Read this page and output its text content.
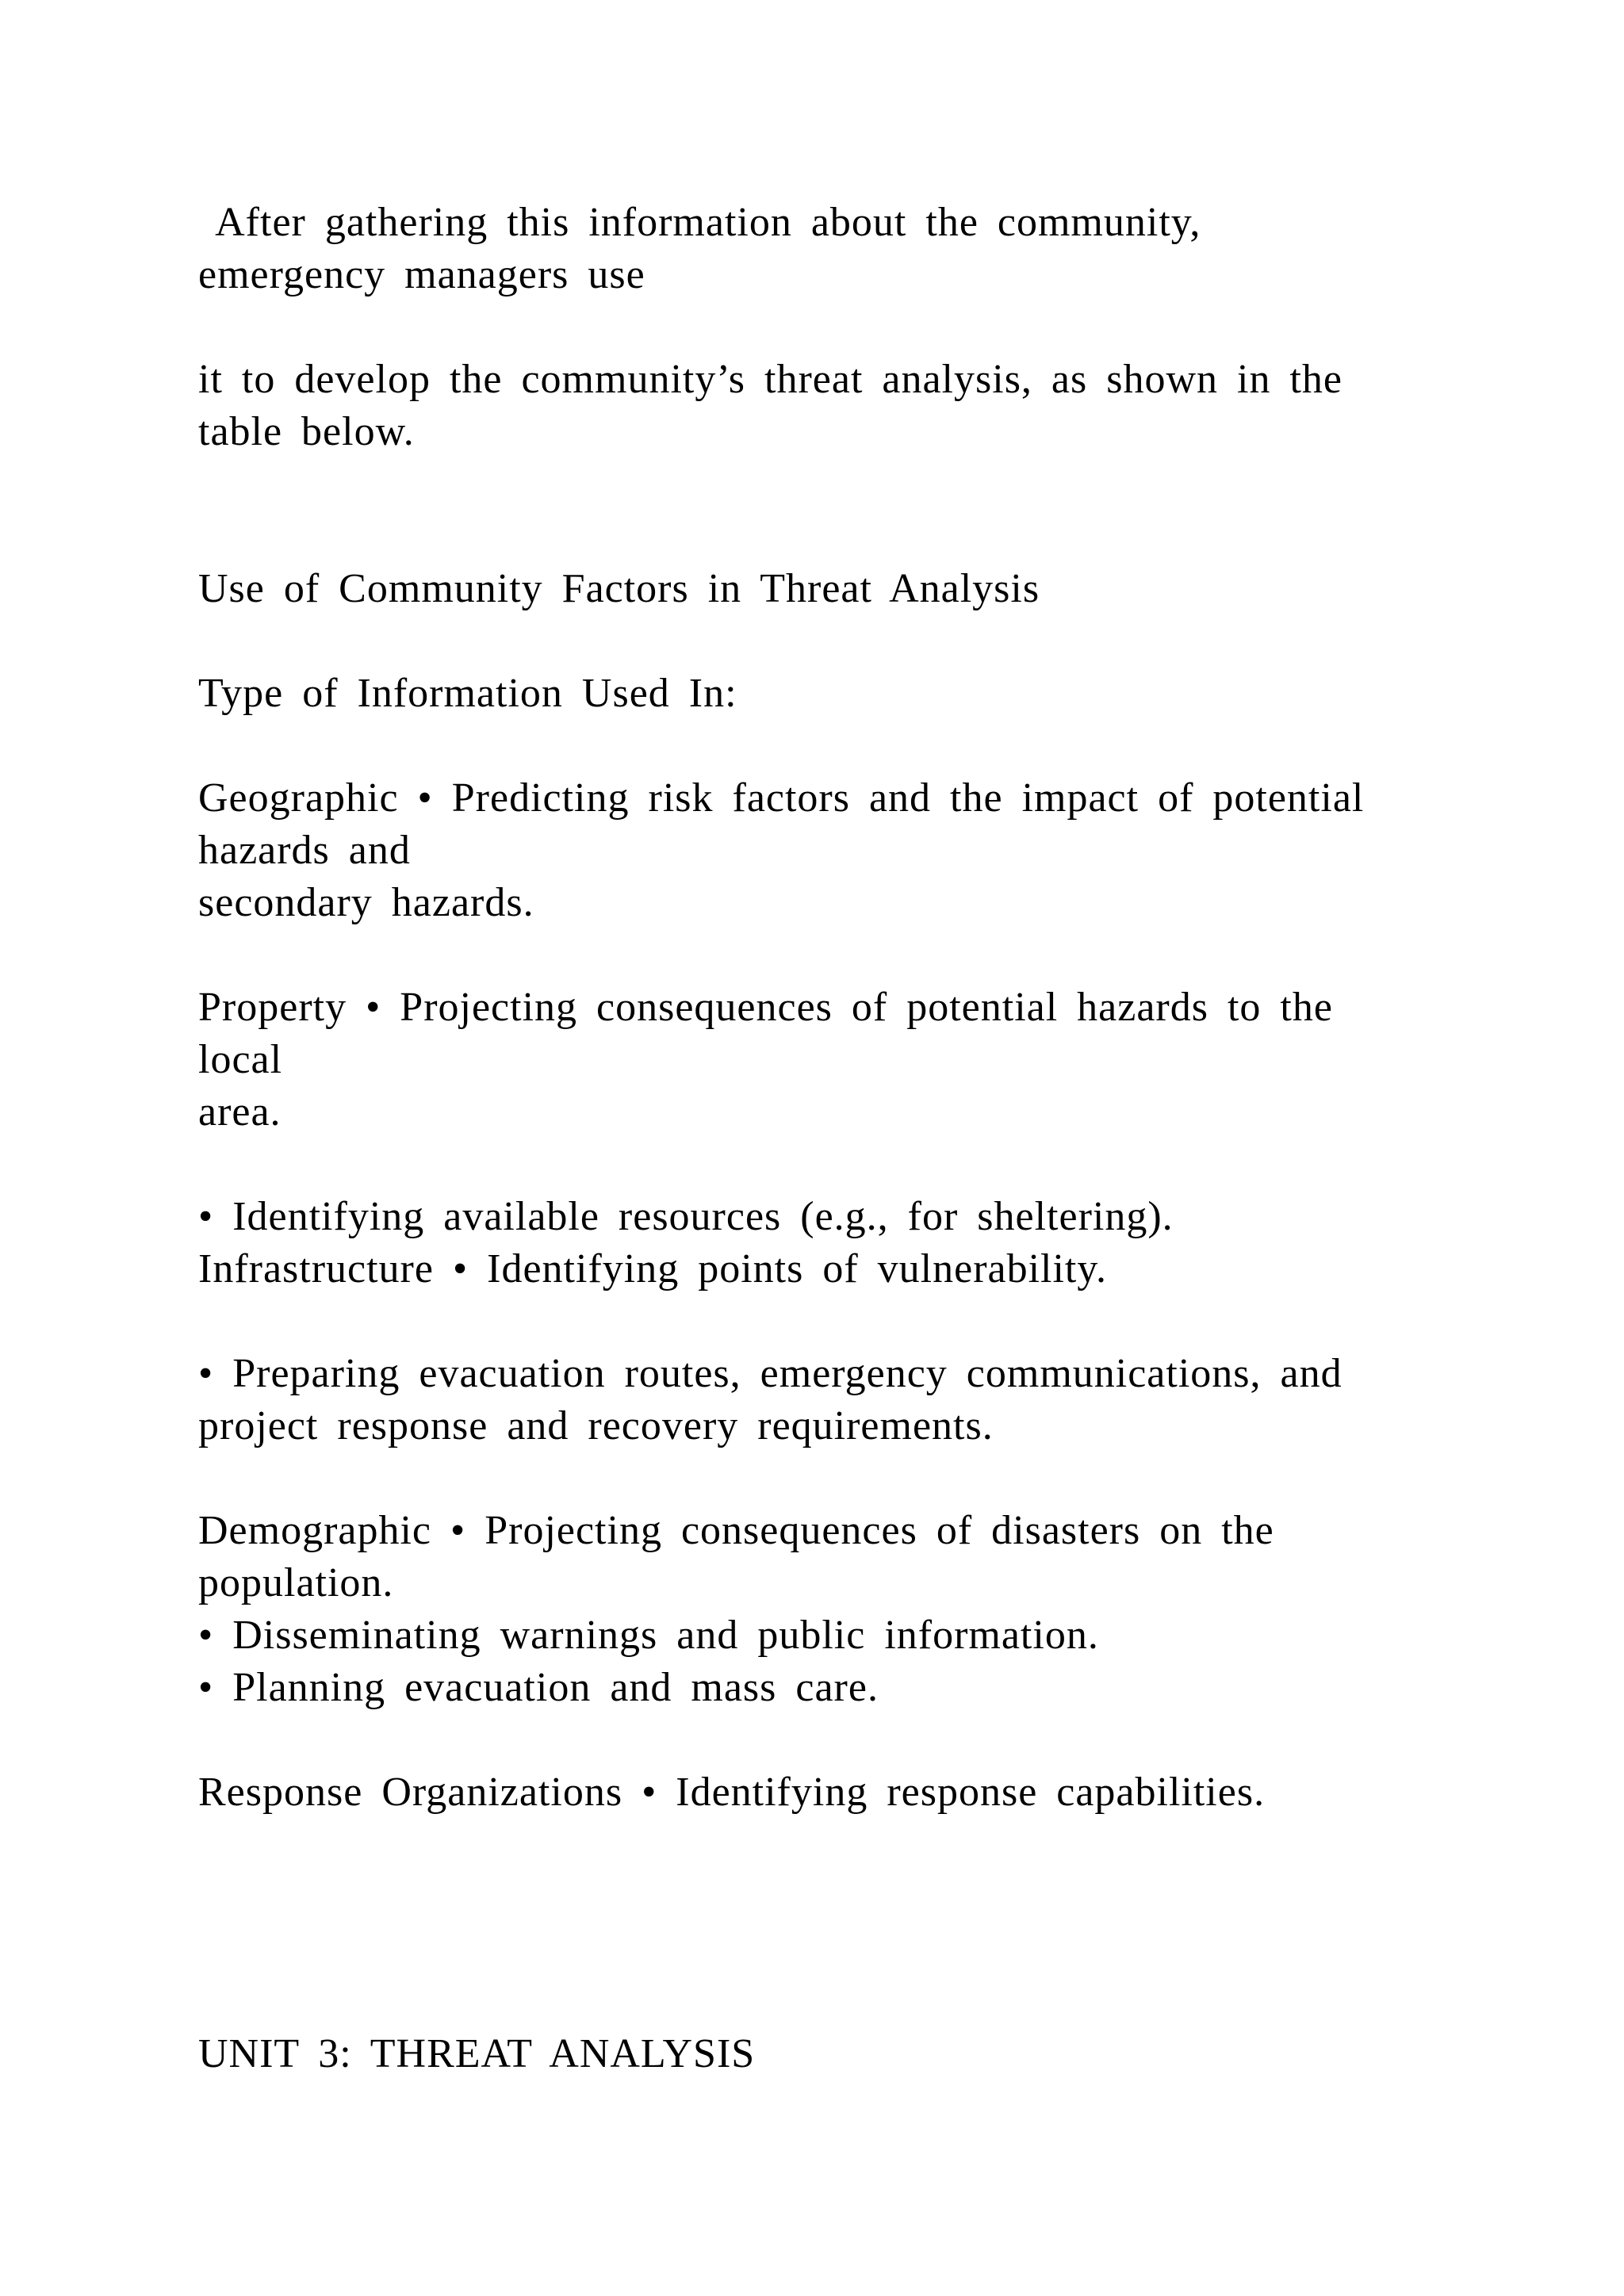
After gathering this information about the community,
emergency managers use
it to develop the community’s threat analysis, as shown in the
table below.
Use of Community Factors in Threat Analysis
Type of Information Used In:
Geographic • Predicting risk factors and the impact of potential
hazards and
secondary hazards.
Property • Projecting consequences of potential hazards to the
local
area.
• Identifying available resources (e.g., for sheltering).
Infrastructure • Identifying points of vulnerability.
• Preparing evacuation routes, emergency communications, and
project response and recovery requirements.
Demographic • Projecting consequences of disasters on the
population.
• Disseminating warnings and public information.
• Planning evacuation and mass care.
Response Organizations • Identifying response capabilities.
UNIT 3: THREAT ANALYSIS
